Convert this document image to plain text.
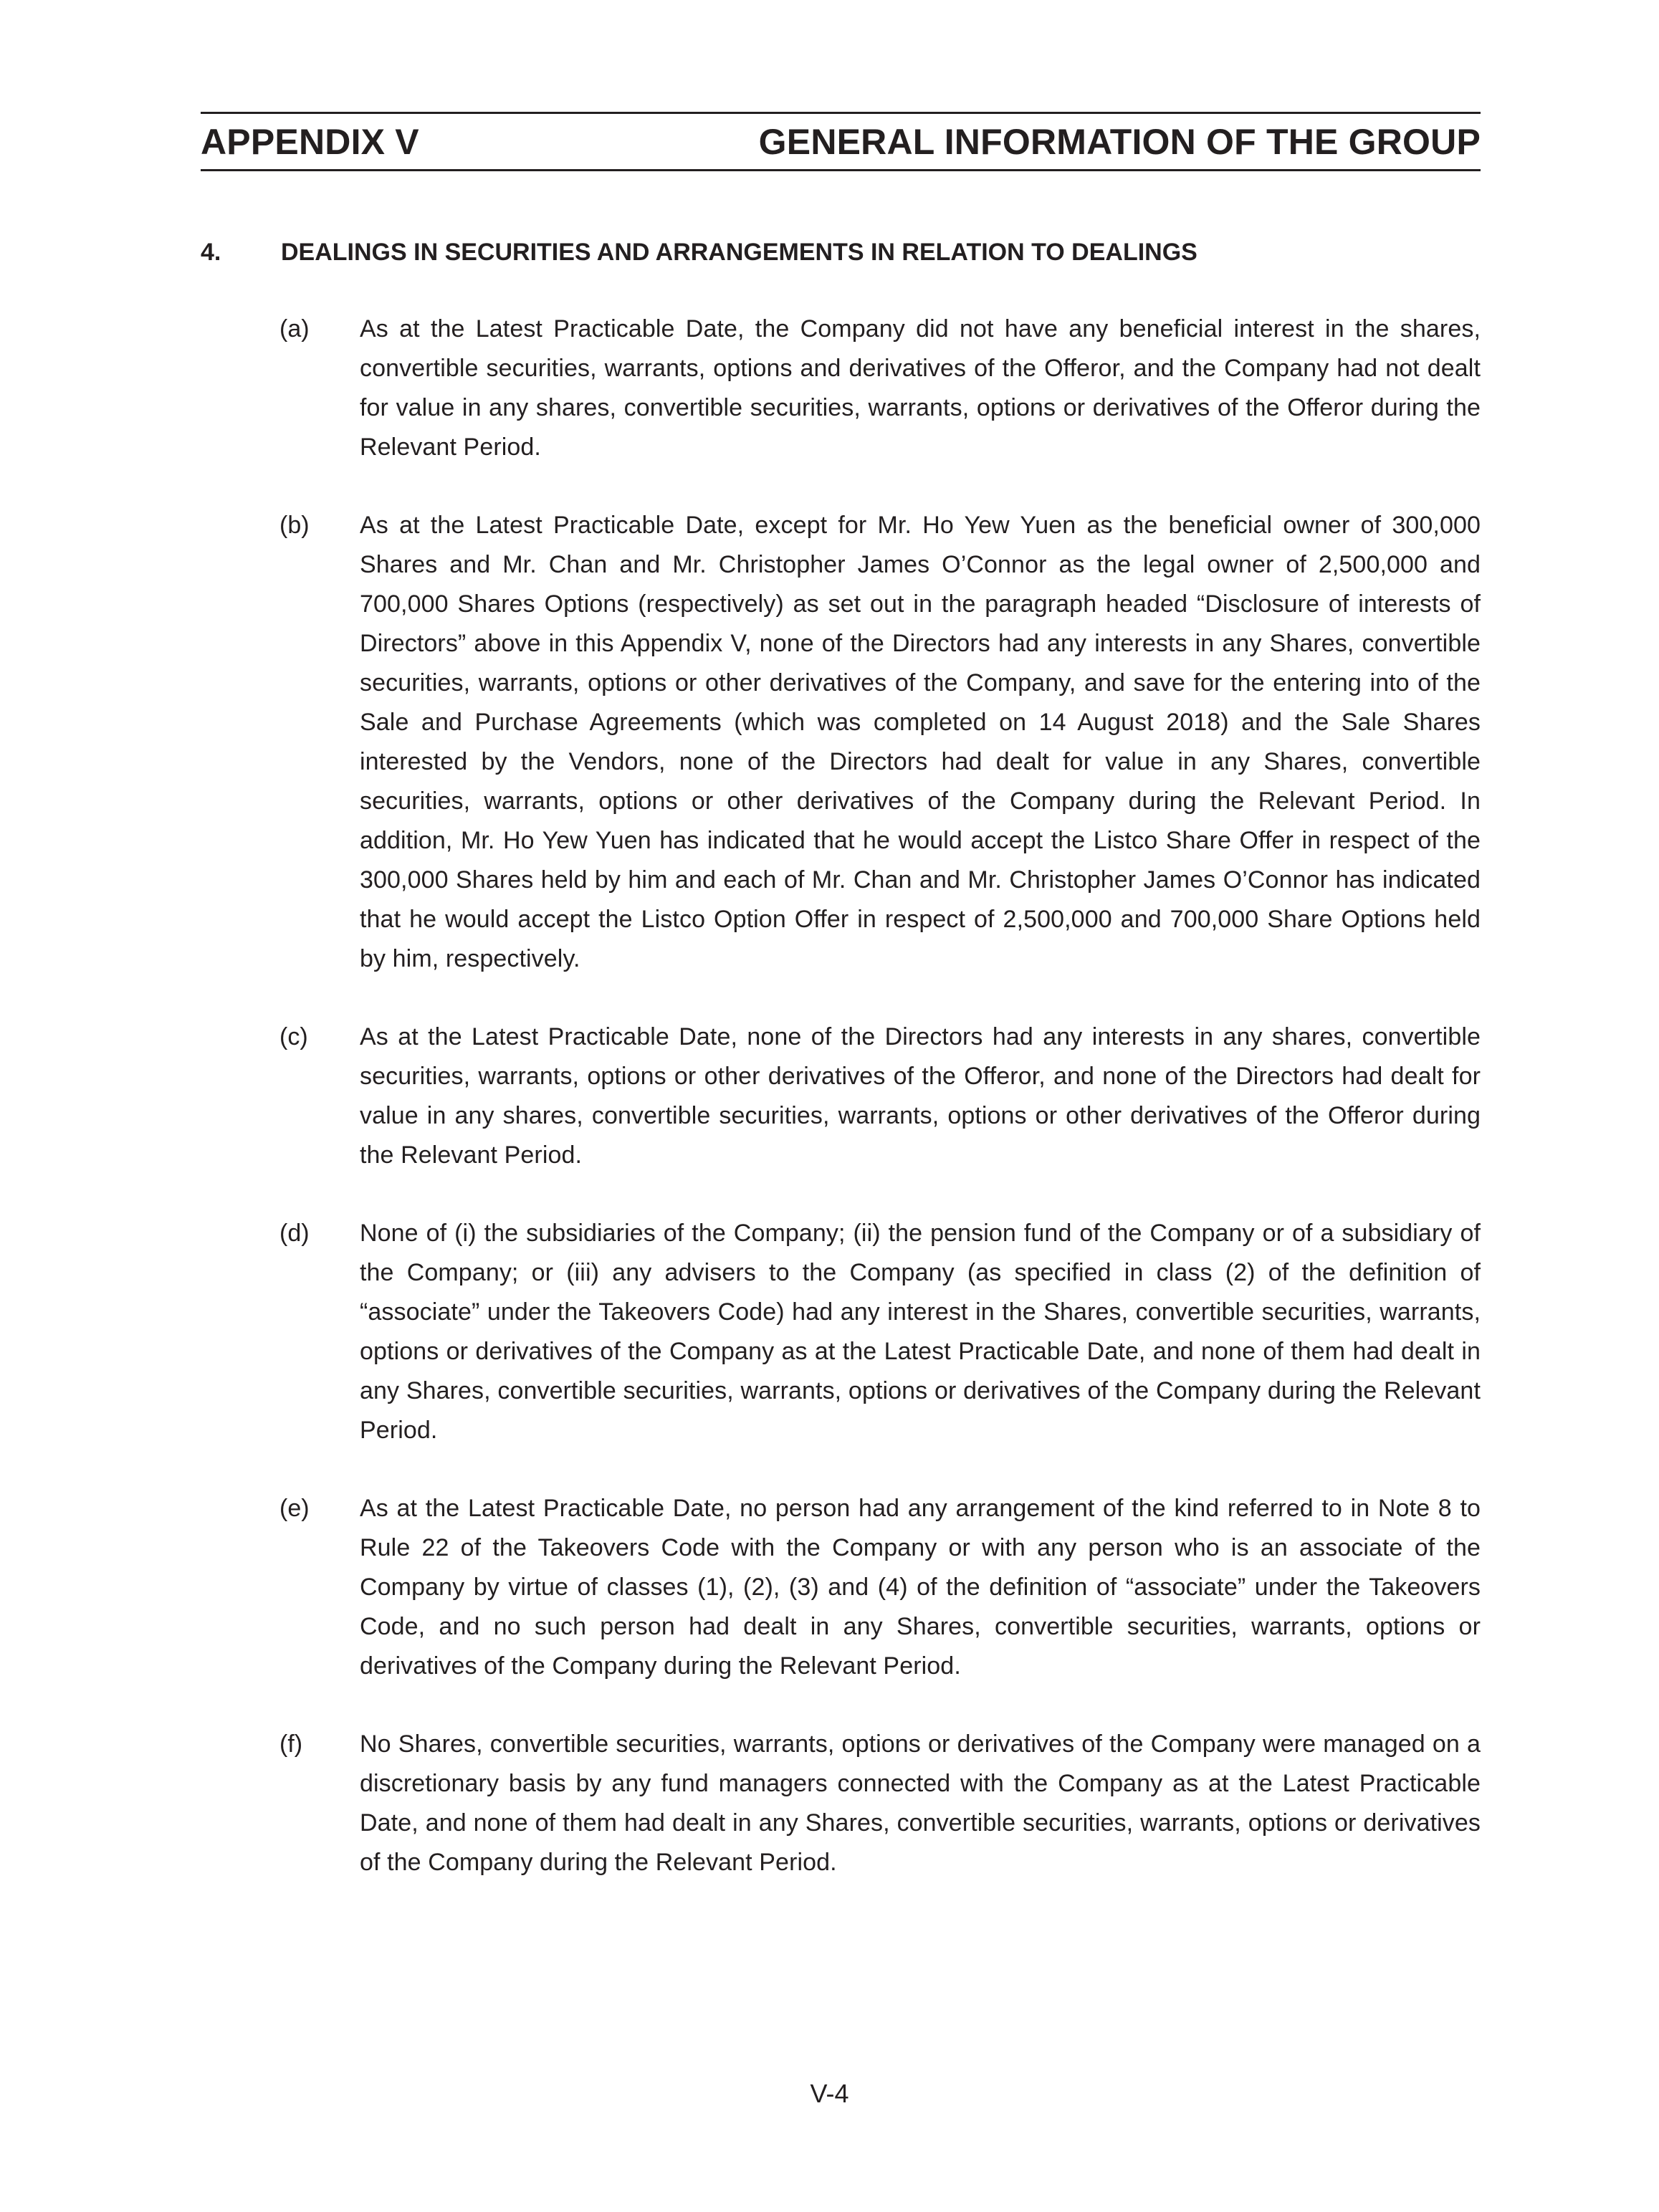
APPENDIX V	GENERAL INFORMATION OF THE GROUP
4. DEALINGS IN SECURITIES AND ARRANGEMENTS IN RELATION TO DEALINGS
(a) As at the Latest Practicable Date, the Company did not have any beneficial interest in the shares, convertible securities, warrants, options and derivatives of the Offeror, and the Company had not dealt for value in any shares, convertible securities, warrants, options or derivatives of the Offeror during the Relevant Period.
(b) As at the Latest Practicable Date, except for Mr. Ho Yew Yuen as the beneficial owner of 300,000 Shares and Mr. Chan and Mr. Christopher James O’Connor as the legal owner of 2,500,000 and 700,000 Shares Options (respectively) as set out in the paragraph headed “Disclosure of interests of Directors” above in this Appendix V, none of the Directors had any interests in any Shares, convertible securities, warrants, options or other derivatives of the Company, and save for the entering into of the Sale and Purchase Agreements (which was completed on 14 August 2018) and the Sale Shares interested by the Vendors, none of the Directors had dealt for value in any Shares, convertible securities, warrants, options or other derivatives of the Company during the Relevant Period. In addition, Mr. Ho Yew Yuen has indicated that he would accept the Listco Share Offer in respect of the 300,000 Shares held by him and each of Mr. Chan and Mr. Christopher James O’Connor has indicated that he would accept the Listco Option Offer in respect of 2,500,000 and 700,000 Share Options held by him, respectively.
(c) As at the Latest Practicable Date, none of the Directors had any interests in any shares, convertible securities, warrants, options or other derivatives of the Offeror, and none of the Directors had dealt for value in any shares, convertible securities, warrants, options or other derivatives of the Offeror during the Relevant Period.
(d) None of (i) the subsidiaries of the Company; (ii) the pension fund of the Company or of a subsidiary of the Company; or (iii) any advisers to the Company (as specified in class (2) of the definition of “associate” under the Takeovers Code) had any interest in the Shares, convertible securities, warrants, options or derivatives of the Company as at the Latest Practicable Date, and none of them had dealt in any Shares, convertible securities, warrants, options or derivatives of the Company during the Relevant Period.
(e) As at the Latest Practicable Date, no person had any arrangement of the kind referred to in Note 8 to Rule 22 of the Takeovers Code with the Company or with any person who is an associate of the Company by virtue of classes (1), (2), (3) and (4) of the definition of “associate” under the Takeovers Code, and no such person had dealt in any Shares, convertible securities, warrants, options or derivatives of the Company during the Relevant Period.
(f) No Shares, convertible securities, warrants, options or derivatives of the Company were managed on a discretionary basis by any fund managers connected with the Company as at the Latest Practicable Date, and none of them had dealt in any Shares, convertible securities, warrants, options or derivatives of the Company during the Relevant Period.
V-4
